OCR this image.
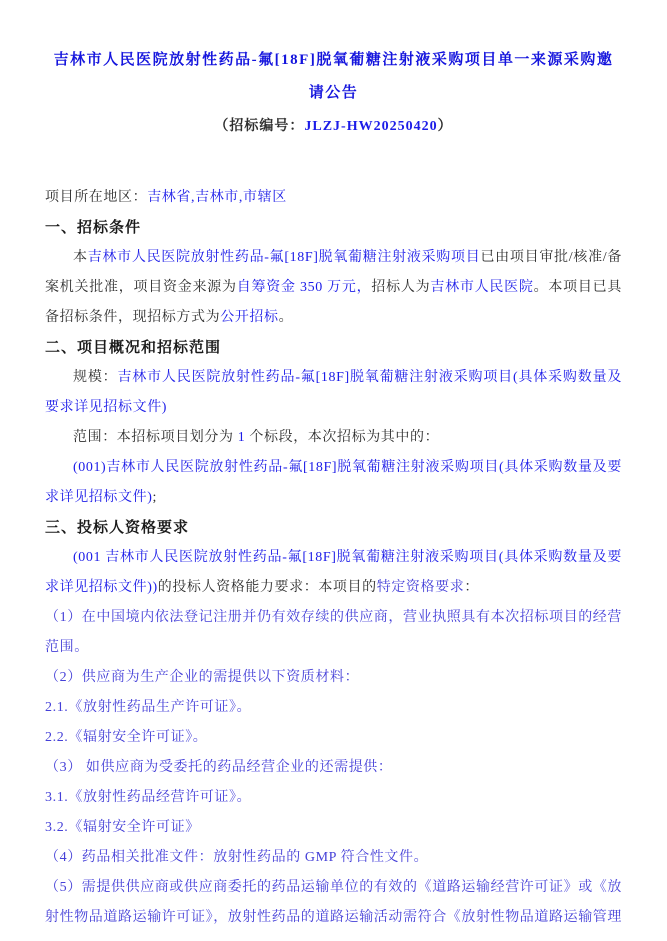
吉林市人民医院放射性药品-氟[18F]脱氧葡糖注射液采购项目单一来源采购邀
请公告
（招标编号：JLZJ-HW20250420）

项目所在地区：吉林省,吉林市,市辖区

一、招标条件

本吉林市人民医院放射性药品-氟[18F]脱氧葡糖注射液采购项目已由项目审批/核准/备案机关批准，项目资金来源为自筹资金 350 万元，招标人为吉林市人民医院。本项目已具备招标条件，现招标方式为公开招标。

二、项目概况和招标范围

规模：吉林市人民医院放射性药品-氟[18F]脱氧葡糖注射液采购项目(具体采购数量及要求详见招标文件)

范围：本招标项目划分为 1 个标段，本次招标为其中的：

(001)吉林市人民医院放射性药品-氟[18F]脱氧葡糖注射液采购项目(具体采购数量及要求详见招标文件);

三、投标人资格要求

(001 吉林市人民医院放射性药品-氟[18F]脱氧葡糖注射液采购项目(具体采购数量及要求详见招标文件))的投标人资格能力要求：本项目的特定资格要求：

（1）在中国境内依法登记注册并仍有效存续的供应商，营业执照具有本次招标项目的经营范围。

（2）供应商为生产企业的需提供以下资质材料：

2.1.《放射性药品生产许可证》。

2.2.《辐射安全许可证》。

（3） 如供应商为受委托的药品经营企业的还需提供：

3.1.《放射性药品经营许可证》。

3.2.《辐射安全许可证》

（4）药品相关批准文件：放射性药品的 GMP 符合性文件。

（5）需提供供应商或供应商委托的药品运输单位的有效的《道路运输经营许可证》或《放射性物品道路运输许可证》，放射性药品的道路运输活动需符合《放射性物品道路运输管理
